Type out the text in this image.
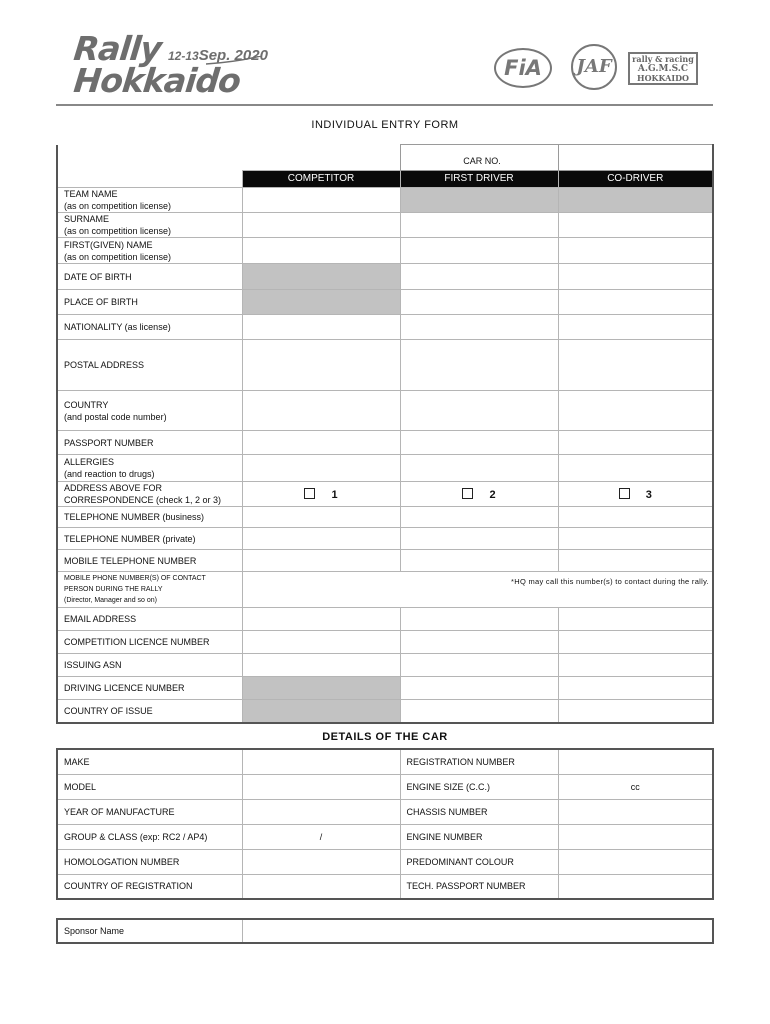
Rally 12-13Sep. 2020
Hokkaido	FiA	JAF	rally & racing
A.G.M.S.C
HOKKAIDO
INDIVIDUAL ENTRY FORM
		CAR NO.	
	COMPETITOR	FIRST DRIVER	CO-DRIVER

TEAM NAME
(as on competition license)			

SURNAME
(as on competition license)			

FIRST(GIVEN) NAME
(as on competition license)			

DATE OF BIRTH			

PLACE OF BIRTH			

NATIONALITY (as license)			

POSTAL ADDRESS			

COUNTRY
(and postal code number)			

PASSPORT NUMBER			

ALLERGIES
(and reaction to drugs)			

ADDRESS ABOVE FOR
CORRESPONDENCE (check 1, 2 or 3)	1	2	3

TELEPHONE NUMBER (business)			

TELEPHONE NUMBER (private)			

MOBILE TELEPHONE NUMBER			

MOBILE PHONE NUMBER(S) OF CONTACT
PERSON DURING THE RALLY
(Director, Manager and so on)	*HQ may call this number(s) to contact during the rally.		

EMAIL ADDRESS			

COMPETITION LICENCE NUMBER			

ISSUING ASN			

DRIVING LICENCE NUMBER			

COUNTRY OF ISSUE			

DETAILS OF THE CAR
MAKE		REGISTRATION NUMBER	
MODEL		ENGINE SIZE (C.C.)	cc
YEAR OF MANUFACTURE		CHASSIS NUMBER	
GROUP & CLASS (exp: RC2 / AP4)	/	ENGINE NUMBER	
HOMOLOGATION NUMBER		PREDOMINANT COLOUR	
COUNTRY OF REGISTRATION		TECH. PASSPORT NUMBER	
Sponsor Name	
